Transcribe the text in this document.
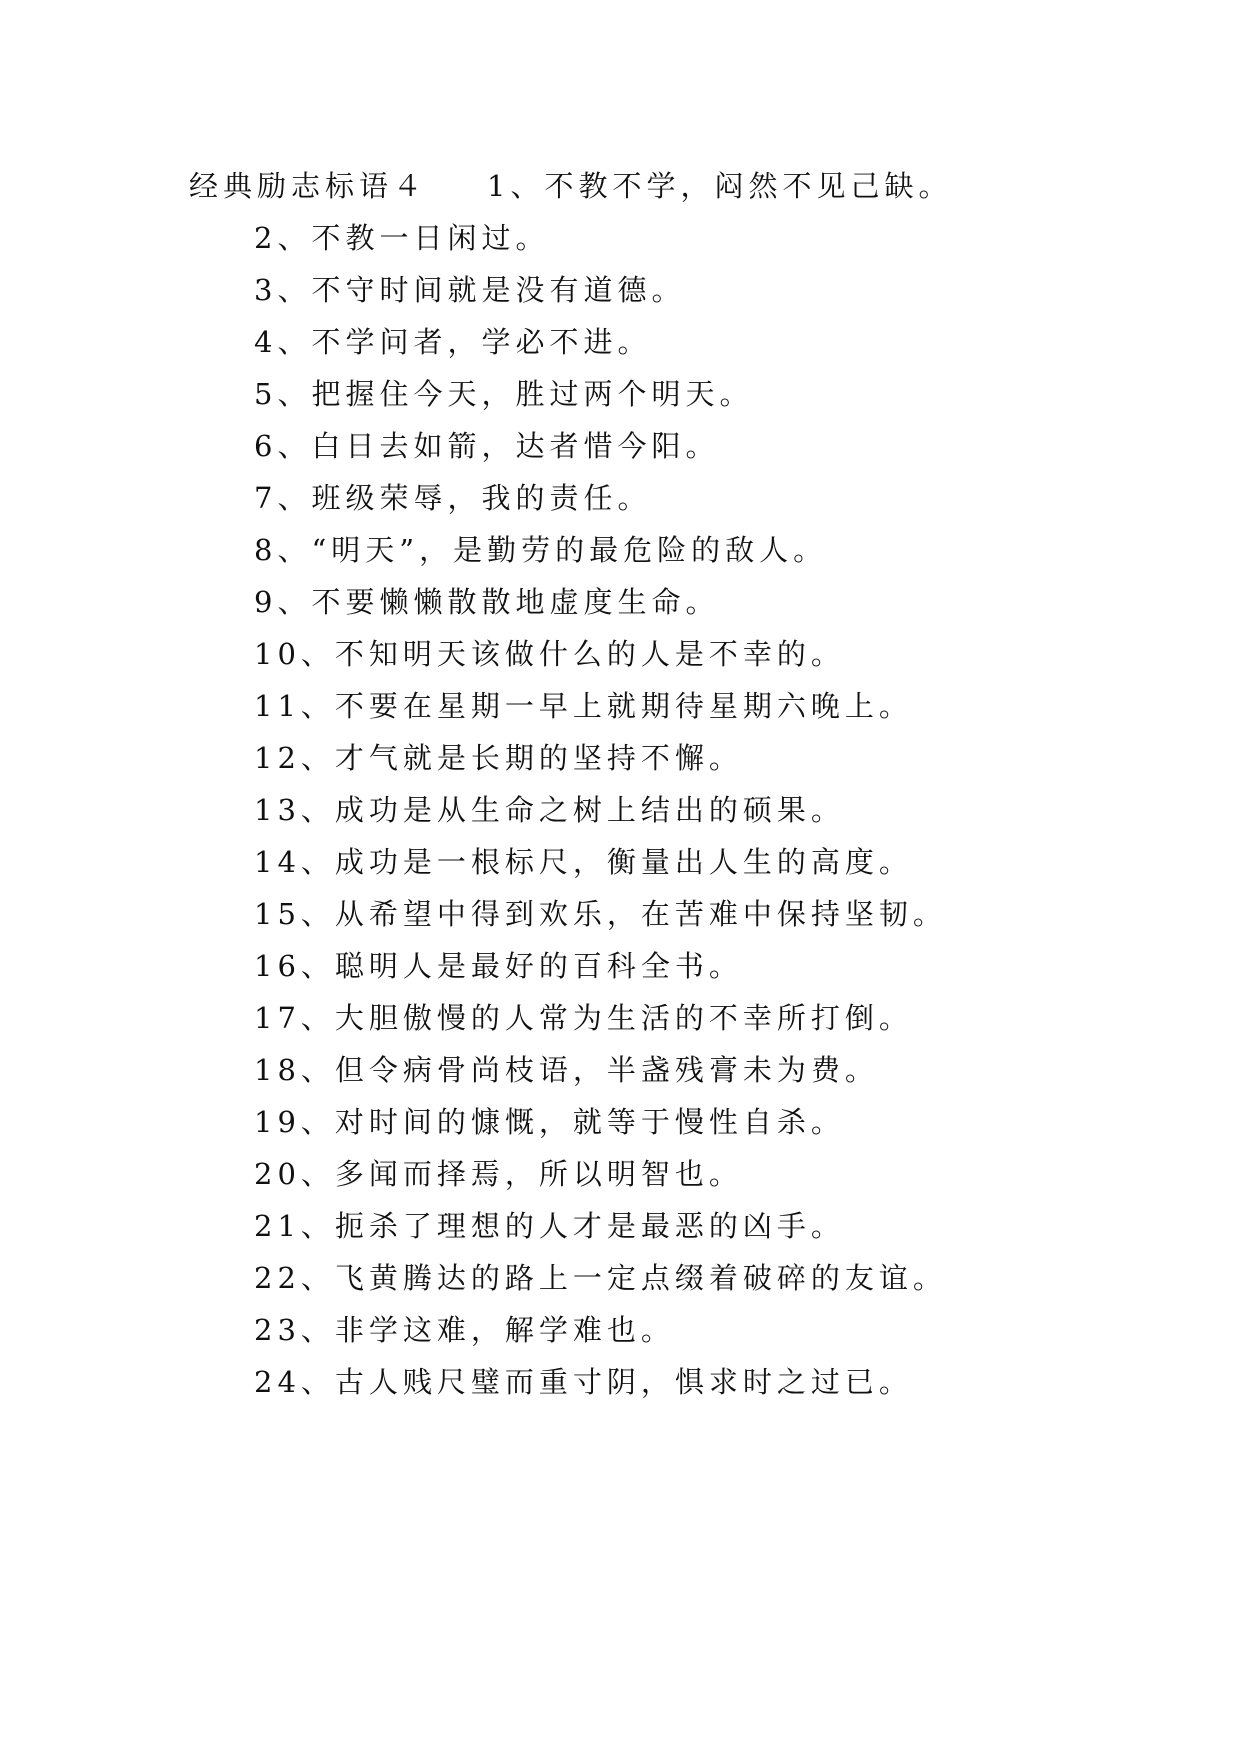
经典励志标语４ 1、不教不学，闷然不见己缺。
2、不教一日闲过。
3、不守时间就是没有道德。
4、不学问者，学必不进。
5、把握住今天，胜过两个明天。
6、白日去如箭，达者惜今阳。
7、班级荣辱，我的责任。
8、“明天”，是勤劳的最危险的敌人。
9、不要懒懒散散地虚度生命。
10、不知明天该做什么的人是不幸的。
11、不要在星期一早上就期待星期六晚上。
12、才气就是长期的坚持不懈。
13、成功是从生命之树上结出的硕果。
14、成功是一根标尺，衡量出人生的高度。
15、从希望中得到欢乐，在苦难中保持坚韧。
16、聪明人是最好的百科全书。
17、大胆傲慢的人常为生活的不幸所打倒。
18、但令病骨尚枝语，半盏残膏未为费。
19、对时间的慷慨，就等于慢性自杀。
20、多闻而择焉，所以明智也。
21、扼杀了理想的人才是最恶的凶手。
22、飞黄腾达的路上一定点缀着破碎的友谊。
23、非学这难，解学难也。
24、古人贱尺璧而重寸阴，惧求时之过已。
